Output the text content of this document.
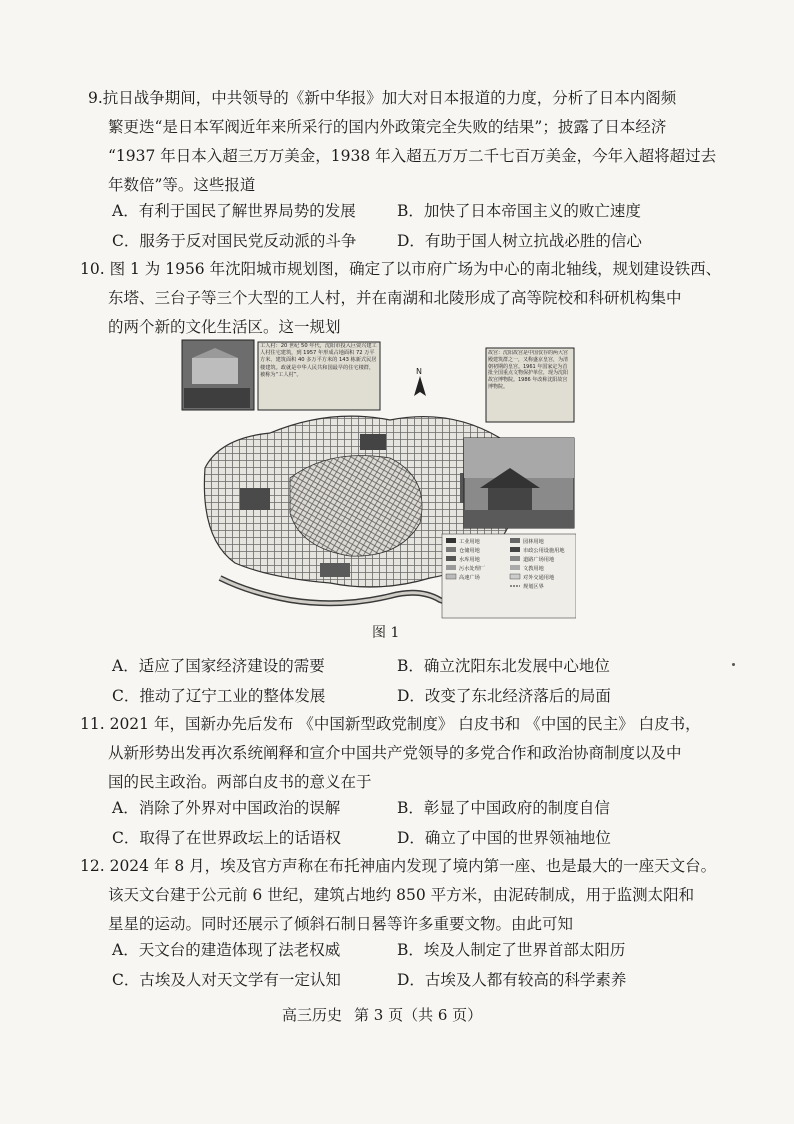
9.抗日战争期间，中共领导的《新中华报》加大对日本报道的力度，分析了日本内阁频
繁更迭“是日本军阀近年来所采行的国内外政策完全失败的结果”；披露了日本经济
“1937 年日本入超三万万美金，1938 年入超五万万二千七百万美金，今年入超将超过去
年数倍”等。这些报道
A．有利于国民了解世界局势的发展	B．加快了日本帝国主义的败亡速度
C．服务于反对国民党反动派的斗争	D．有助于国人树立抗战必胜的信心
10. 图 1 为 1956 年沈阳城市规划图，确定了以市府广场为中心的南北轴线，规划建设铁西、
东塔、三台子等三个大型的工人村，并在南湖和北陵形成了高等院校和科研机构集中
的两个新的文化生活区。这一规划
工人村：20 世纪 50 年代，沈阳市投入巨资兴建工人村住宅建筑，到 1957 年形成占地面积 72 万平方米、建筑面积 40 多万平方米的 143 栋新式民居楼建筑。政就是中华人民共和国最早的住宅楼群，被称为“工人村”。	N
故宫：沈阳故宫是中国仅存的两大宫殿建筑群之一，又称盛京皇宫，为清朝初期的皇宫。1961 年国家定为首批全国重点文物保护单位，现为沈阳故宫博物院。1986 年改称沈阳故宫博物院。
工业用地
仓储用地
水库用地
污水处理厂
高速广场
园林用地
市政公用设施用地
道路广场用地
文教用地
对外交通用地
规划区界
图 1
A．适应了国家经济建设的需要	B．确立沈阳东北发展中心地位
C．推动了辽宁工业的整体发展	D．改变了东北经济落后的局面
11. 2021 年，国新办先后发布 《中国新型政党制度》 白皮书和 《中国的民主》 白皮书，
从新形势出发再次系统阐释和宣介中国共产党领导的多党合作和政治协商制度以及中
国的民主政治。两部白皮书的意义在于
A．消除了外界对中国政治的误解	B．彰显了中国政府的制度自信
C．取得了在世界政坛上的话语权	D．确立了中国的世界领袖地位
12. 2024 年 8 月，埃及官方声称在布托神庙内发现了境内第一座、也是最大的一座天文台。
该天文台建于公元前 6 世纪，建筑占地约 850 平方米，由泥砖制成，用于监测太阳和
星星的运动。同时还展示了倾斜石制日晷等许多重要文物。由此可知
A．天文台的建造体现了法老权威	B．埃及人制定了世界首部太阳历
C．古埃及人对天文学有一定认知	D．古埃及人都有较高的科学素养
高三历史 第 3 页（共 6 页）
